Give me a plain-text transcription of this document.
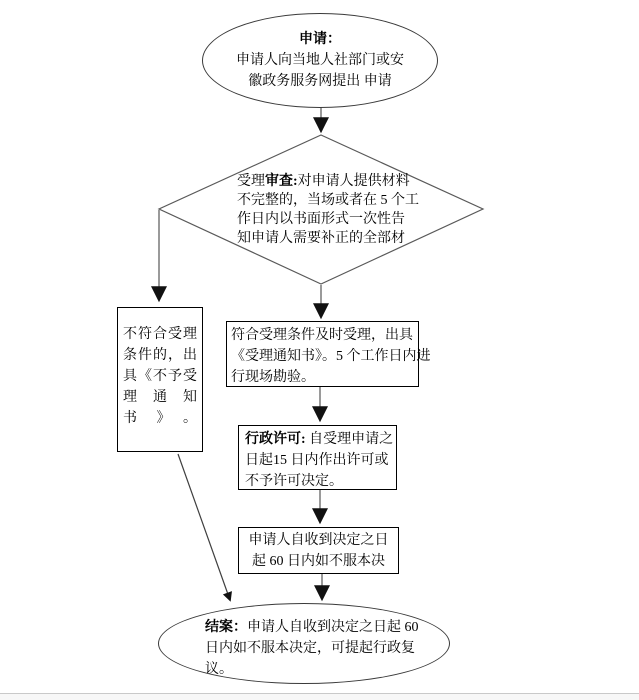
申请：
申请人向当地人社部门或安
徽政务服务网提出 申请
受理审查:对申请人提供材料
不完整的，当场或者在 5 个工
作日内以书面形式一次性告
知申请人需要补正的全部材
不符合受理
条件的，出
具《不予受
理通知书》。
符合受理条件及时受理，出具
《受理通知书》。5 个工作日内进
行现场勘验。
行政许可: 自受理申请之
日起15 日内作出许可或
不予许可决定。
申请人自收到决定之日
起 60 日内如不服本决
结案：申请人自收到决定之日起 60
日内如不服本决定，可提起行政复
议。
